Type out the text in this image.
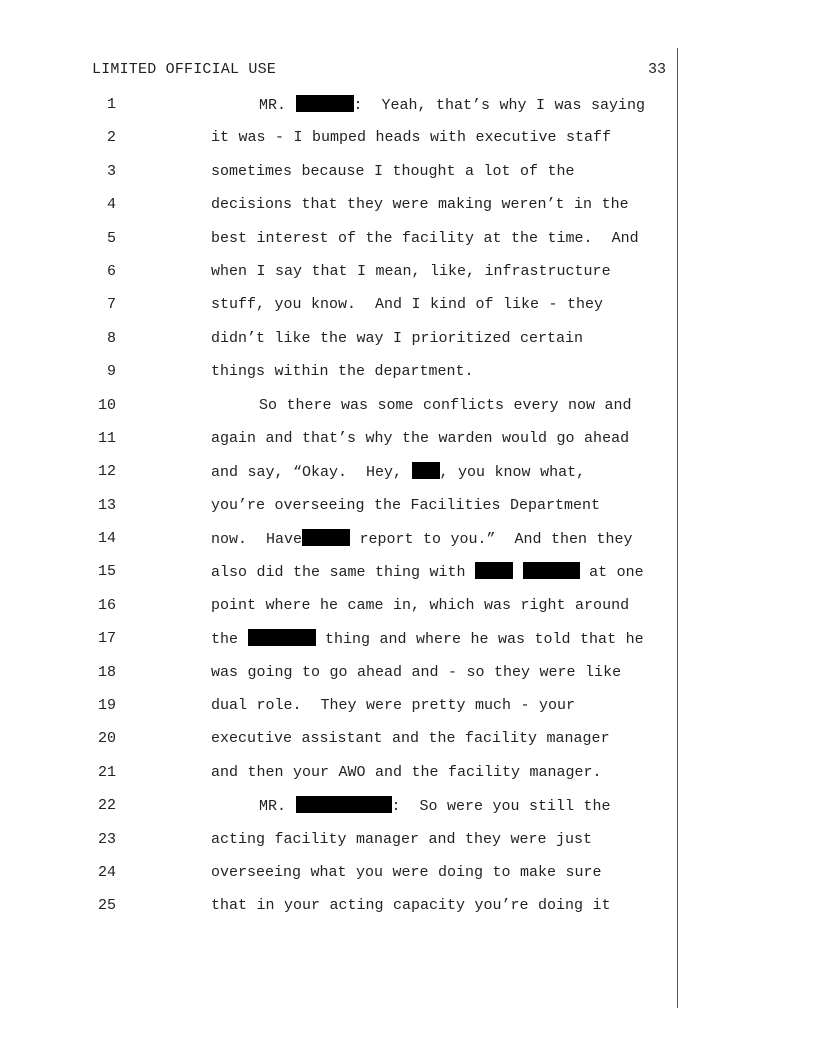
LIMITED OFFICIAL USE	33
1	MR.	:  Yeah, that’s why I was saying
2	it was - I bumped heads with executive staff
3	sometimes because I thought a lot of the
4	decisions that they were making weren’t in the
5	best interest of the facility at the time.  And
6	when I say that I mean, like, infrastructure
7	stuff, you know.  And I kind of like - they
8	didn’t like the way I prioritized certain
9	things within the department.
10	So there was some conflicts every now and
11	again and that’s why the warden would go ahead
12	and say, “Okay.  Hey, , you know what,
13	you’re overseeing the Facilities Department
14	now.  Have	report to you.”  And then they
15	also did the same thing with	at one
16	point where he came in, which was right around
17	the	thing and where he was told that he
18	was going to go ahead and - so they were like
19	dual role.  They were pretty much - your
20	executive assistant and the facility manager
21	and then your AWO and the facility manager.
22	MR.	:  So were you still the
23	acting facility manager and they were just
24	overseeing what you were doing to make sure
25	that in your acting capacity you’re doing it
